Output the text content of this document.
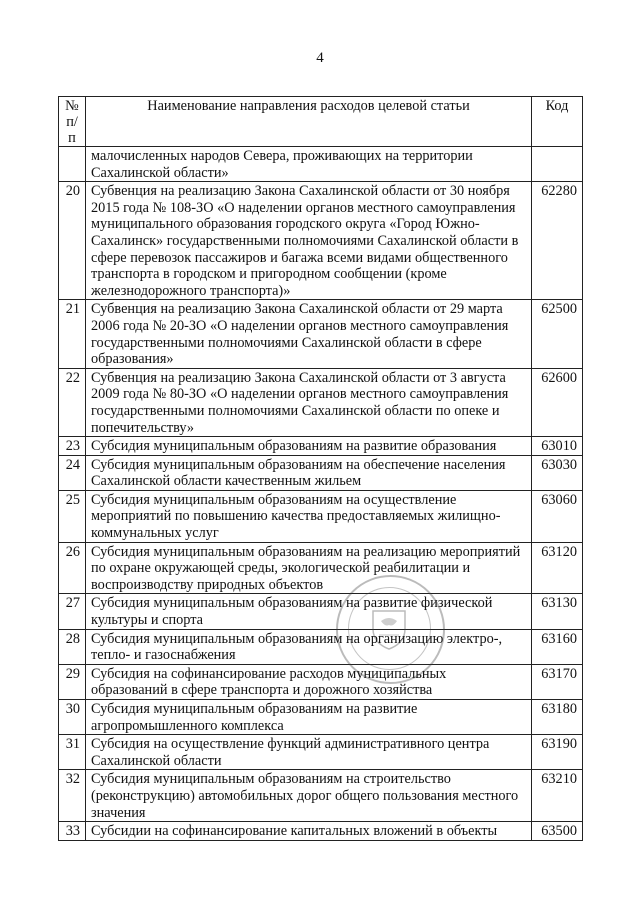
4
№ п/п	Наименование направления расходов целевой статьи	Код
	малочисленных народов Севера, проживающих на территории Сахалинской области»	
20	Субвенция на реализацию Закона Сахалинской области от 30 ноября 2015 года № 108-ЗО «О наделении органов местного самоуправления муниципального образования городского округа «Город Южно-Сахалинск» государственными полномочиями Сахалинской области в сфере перевозок пассажиров и багажа всеми видами общественного транспорта в городском и пригородном сообщении (кроме железнодорожного транспорта)»	62280
21	Субвенция на реализацию Закона Сахалинской области от 29 марта 2006 года № 20-ЗО «О наделении органов местного самоуправления государственными полномочиями Сахалинской области в сфере образования»	62500
22	Субвенция на реализацию Закона Сахалинской области от 3 августа 2009 года № 80-ЗО «О наделении органов местного самоуправления государственными полномочиями Сахалинской области по опеке и попечительству»	62600
23	Субсидия муниципальным образованиям на развитие образования	63010
24	Субсидия муниципальным образованиям на обеспечение населения Сахалинской области качественным жильем	63030
25	Субсидия муниципальным образованиям на осуществление мероприятий по повышению качества предоставляемых жилищно-коммунальных услуг	63060
26	Субсидия муниципальным образованиям на реализацию мероприятий по охране окружающей среды, экологической реабилитации и воспроизводству природных объектов	63120
27	Субсидия муниципальным образованиям на развитие физической культуры и спорта	63130
28	Субсидия муниципальным образованиям на организацию электро-, тепло- и газоснабжения	63160
29	Субсидия на софинансирование расходов муниципальных образований в сфере транспорта и дорожного хозяйства	63170
30	Субсидия муниципальным образованиям на развитие агропромышленного комплекса	63180
31	Субсидия на осуществление функций административного центра Сахалинской области	63190
32	Субсидия муниципальным образованиям на строительство (реконструкцию) автомобильных дорог общего пользования местного значения	63210
33	Субсидии на софинансирование капитальных вложений в объекты	63500
